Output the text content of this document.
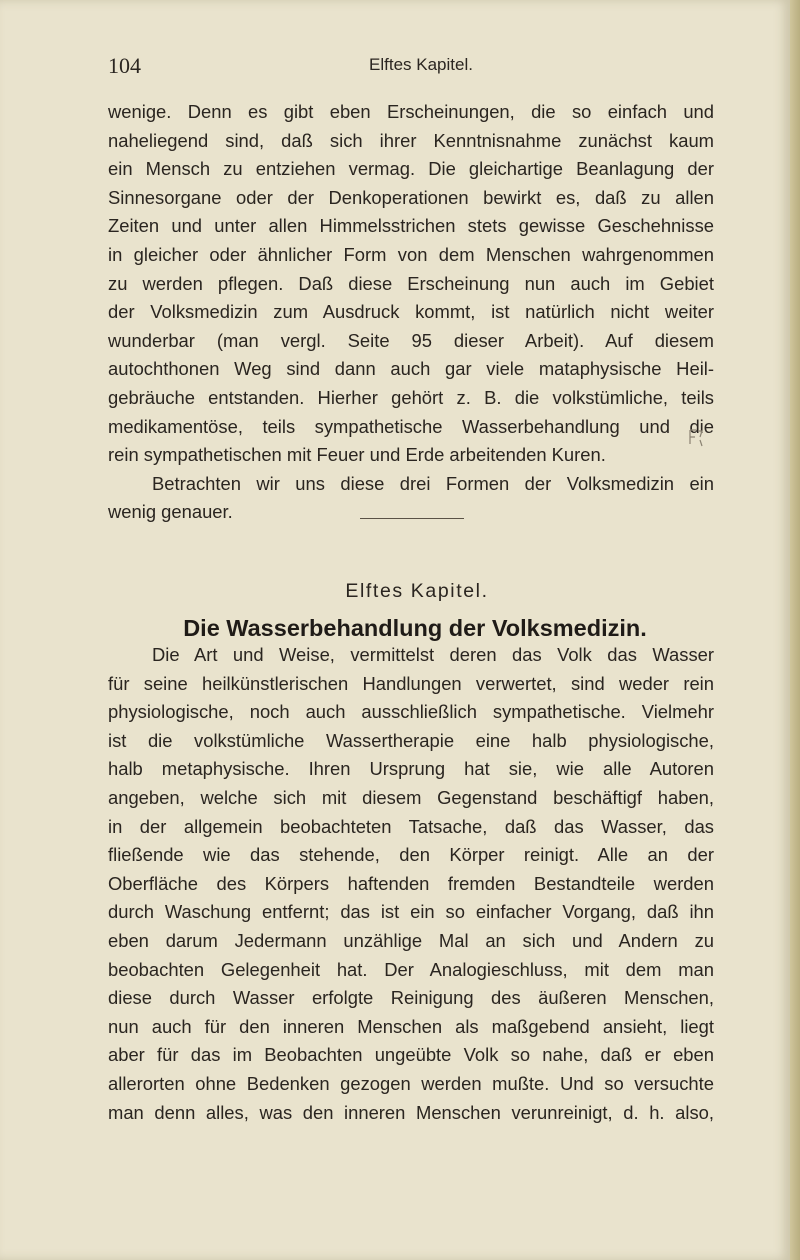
104	Elftes Kapitel.
wenige. Denn es gibt eben Erscheinungen, die so einfach und
naheliegend sind, daß sich ihrer Kenntnisnahme zunächst kaum
ein Mensch zu entziehen vermag. Die gleichartige Beanlagung der
Sinnesorgane oder der Denkoperationen bewirkt es, daß zu allen
Zeiten und unter allen Himmelsstrichen stets gewisse Geschehnisse
in gleicher oder ähnlicher Form von dem Menschen wahrgenommen
zu werden pflegen. Daß diese Erscheinung nun auch im Gebiet
der Volksmedizin zum Ausdruck kommt, ist natürlich nicht weiter
wunderbar (man vergl. Seite 95 dieser Arbeit). Auf diesem
autochthonen Weg sind dann auch gar viele mataphysische Heil-
gebräuche entstanden. Hierher gehört z. B. die volkstümliche, teils
medikamentöse, teils sympathetische Wasserbehandlung und die
rein sympathetischen mit Feuer und Erde arbeitenden Kuren.
Betrachten wir uns diese drei Formen der Volksmedizin ein
wenig genauer.
Elftes Kapitel.
Die Wasserbehandlung der Volksmedizin.
Die Art und Weise, vermittelst deren das Volk das Wasser
für seine heilkünstlerischen Handlungen verwertet, sind weder rein
physiologische, noch auch ausschließlich sympathetische. Vielmehr
ist die volkstümliche Wassertherapie eine halb physiologische,
halb metaphysische. Ihren Ursprung hat sie, wie alle Autoren
angeben, welche sich mit diesem Gegenstand beschäftigf haben,
in der allgemein beobachteten Tatsache, daß das Wasser, das
fließende wie das stehende, den Körper reinigt. Alle an der
Oberfläche des Körpers haftenden fremden Bestandteile werden
durch Waschung entfernt; das ist ein so einfacher Vorgang, daß ihn
eben darum Jedermann unzählige Mal an sich und Andern zu
beobachten Gelegenheit hat. Der Analogieschluss, mit dem man
diese durch Wasser erfolgte Reinigung des äußeren Menschen,
nun auch für den inneren Menschen als maßgebend ansieht, liegt
aber für das im Beobachten ungeübte Volk so nahe, daß er eben
allerorten ohne Bedenken gezogen werden mußte. Und so versuchte
man denn alles, was den inneren Menschen verunreinigt, d. h. also,
